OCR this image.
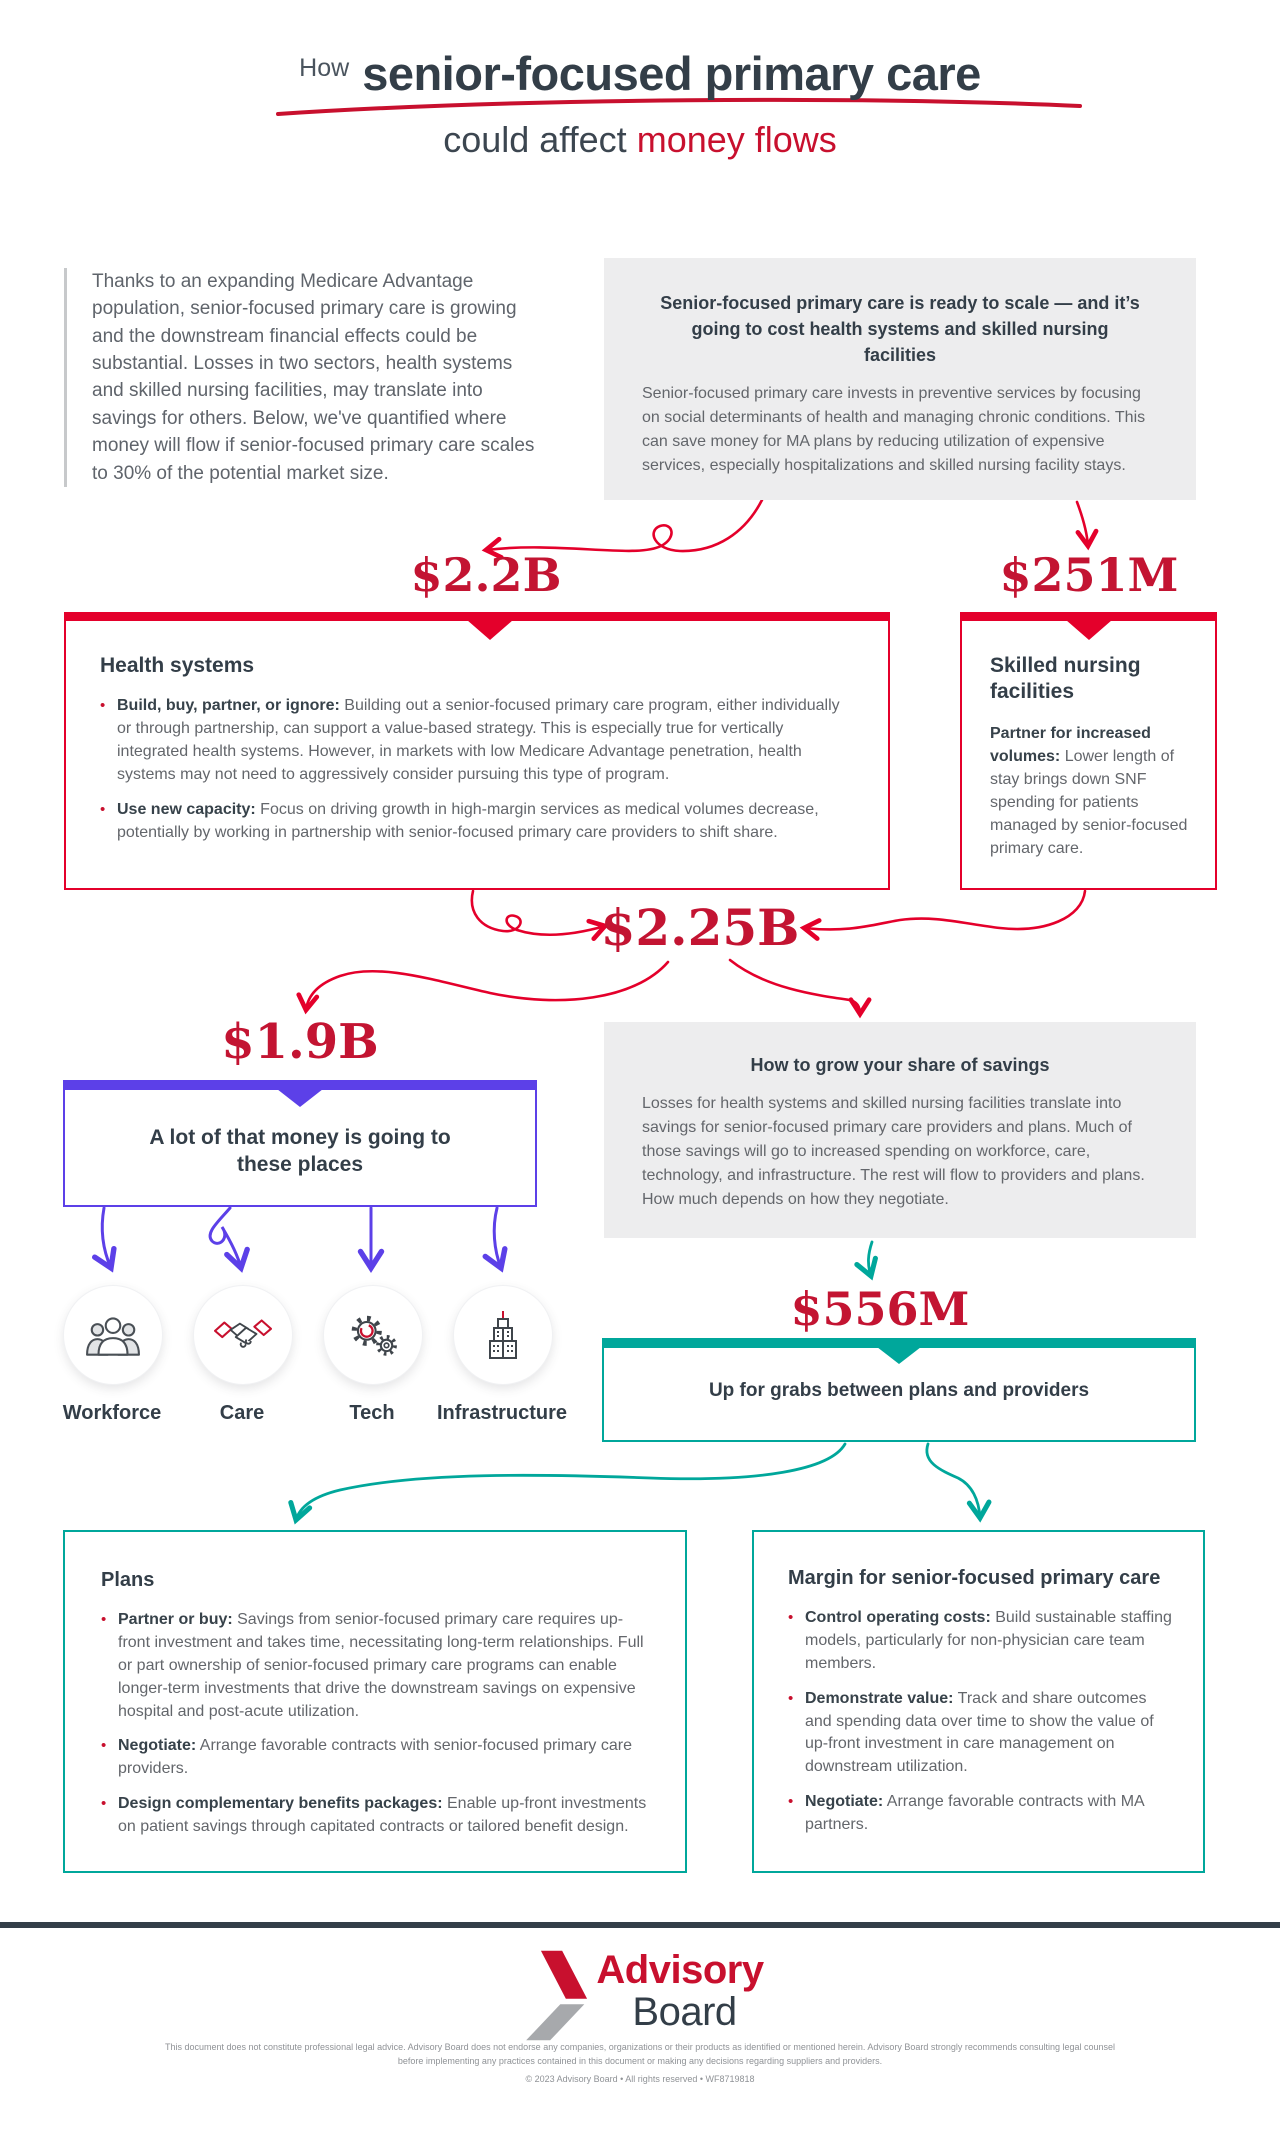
How senior-focused primary care
could affect money flows
Thanks to an expanding Medicare Advantage population, senior-focused primary care is growing and the downstream financial effects could be substantial. Losses in two sectors, health systems and skilled nursing facilities, may translate into savings for others. Below, we've quantified where money will flow if senior-focused primary care scales to 30% of the potential market size.
Senior-focused primary care is ready to scale — and it’s going to cost health systems and skilled nursing facilities
Senior-focused primary care invests in preventive services by focusing on social determinants of health and managing chronic conditions. This can save money for MA plans by reducing utilization of expensive services, especially hospitalizations and skilled nursing facility stays.
$2.2B	$251M
$2.25B
$1.9B
$556M
Health systems
• Build, buy, partner, or ignore: Building out a senior-focused primary care program, either individually or through partnership, can support a value-based strategy. This is especially true for vertically integrated health systems. However, in markets with low Medicare Advantage penetration, health systems may not need to aggressively consider pursuing this type of program.
• Use new capacity: Focus on driving growth in high-margin services as medical volumes decrease, potentially by working in partnership with senior-focused primary care providers to shift share.
Skilled nursing facilities
Partner for increased volumes: Lower length of stay brings down SNF spending for patients managed by senior-focused primary care.
A lot of that money is going to these places
Workforce	Care	Tech	Infrastructure
How to grow your share of savings
Losses for health systems and skilled nursing facilities translate into savings for senior-focused primary care providers and plans. Much of those savings will go to increased spending on workforce, care, technology, and infrastructure. The rest will flow to providers and plans. How much depends on how they negotiate.
Up for grabs between plans and providers
Plans
• Partner or buy: Savings from senior-focused primary care requires up-front investment and takes time, necessitating long-term relationships. Full or part ownership of senior-focused primary care programs can enable longer-term investments that drive the downstream savings on expensive hospital and post-acute utilization.
• Negotiate: Arrange favorable contracts with senior-focused primary care providers.
• Design complementary benefits packages: Enable up-front investments on patient savings through capitated contracts or tailored benefit design.
Margin for senior-focused primary care
• Control operating costs: Build sustainable staffing models, particularly for non-physician care team members.
• Demonstrate value: Track and share outcomes and spending data over time to show the value of up-front investment in care management on downstream utilization.
• Negotiate: Arrange favorable contracts with MA partners.
Advisory
Board
This document does not constitute professional legal advice. Advisory Board does not endorse any companies, organizations or their products as identified or mentioned herein. Advisory Board strongly recommends consulting legal counsel before implementing any practices contained in this document or making any decisions regarding suppliers and providers.
© 2023 Advisory Board • All rights reserved • WF8719818
